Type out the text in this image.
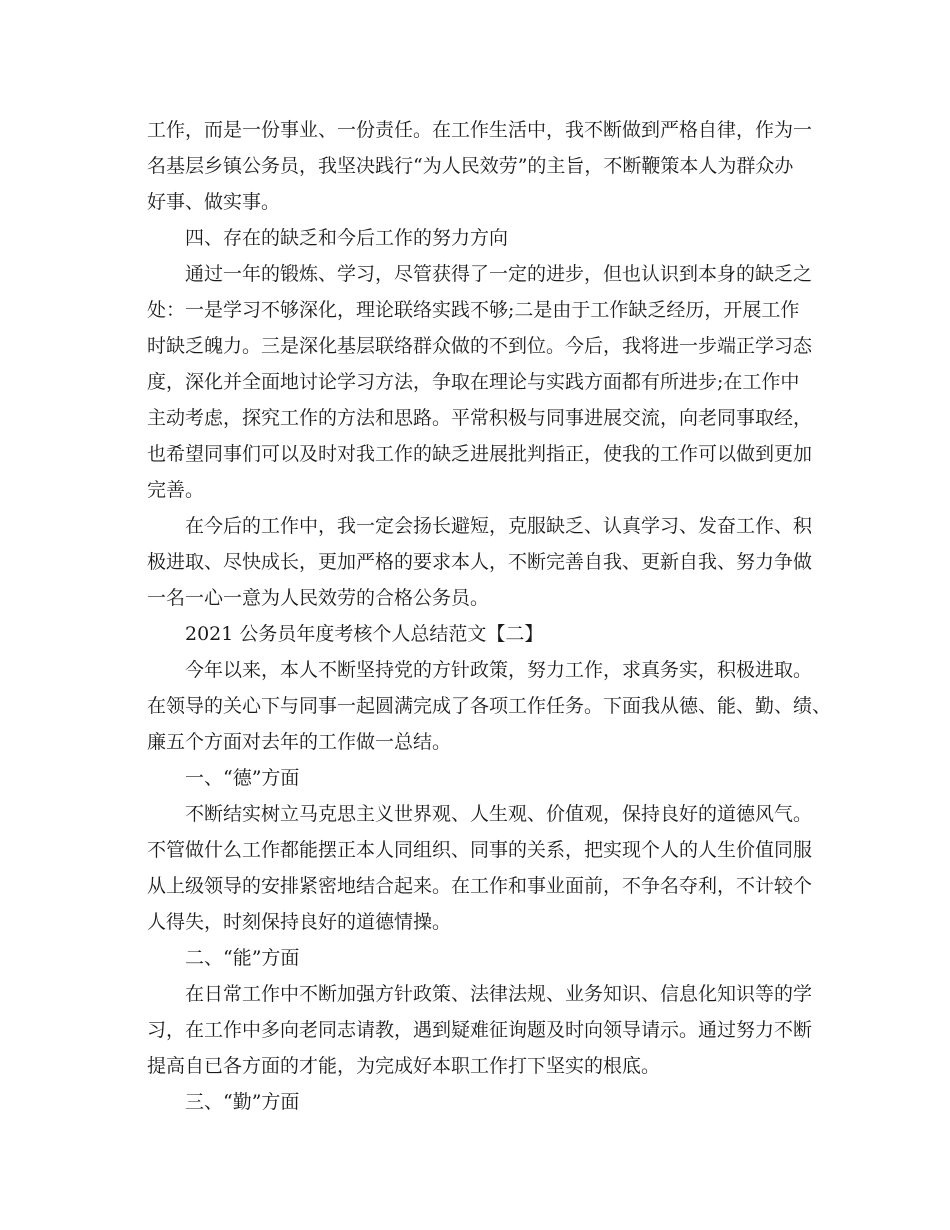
工作，而是一份事业、一份责任。在工作生活中，我不断做到严格自律，作为一

名基层乡镇公务员，我坚决践行“为人民效劳”的主旨，不断鞭策本人为群众办

好事、做实事。

四、存在的缺乏和今后工作的努力方向

通过一年的锻炼、学习，尽管获得了一定的进步，但也认识到本身的缺乏之

处：一是学习不够深化，理论联络实践不够;二是由于工作缺乏经历，开展工作

时缺乏魄力。三是深化基层联络群众做的不到位。今后，我将进一步端正学习态

度，深化并全面地讨论学习方法，争取在理论与实践方面都有所进步;在工作中

主动考虑，探究工作的方法和思路。平常积极与同事进展交流，向老同事取经，

也希望同事们可以及时对我工作的缺乏进展批判指正，使我的工作可以做到更加

完善。

在今后的工作中，我一定会扬长避短，克服缺乏、认真学习、发奋工作、积

极进取、尽快成长，更加严格的要求本人，不断完善自我、更新自我、努力争做

一名一心一意为人民效劳的合格公务员。

2021 公务员年度考核个人总结范文【二】

今年以来，本人不断坚持党的方针政策，努力工作，求真务实，积极进取。

在领导的关心下与同事一起圆满完成了各项工作任务。下面我从德、能、勤、绩、

廉五个方面对去年的工作做一总结。

一、“德”方面

不断结实树立马克思主义世界观、人生观、价值观，保持良好的道德风气。

不管做什么工作都能摆正本人同组织、同事的关系，把实现个人的人生价值同服

从上级领导的安排紧密地结合起来。在工作和事业面前，不争名夺利，不计较个

人得失，时刻保持良好的道德情操。

二、“能”方面

在日常工作中不断加强方针政策、法律法规、业务知识、信息化知识等的学

习，在工作中多向老同志请教，遇到疑难征询题及时向领导请示。通过努力不断

提高自已各方面的才能，为完成好本职工作打下坚实的根底。

三、“勤”方面
